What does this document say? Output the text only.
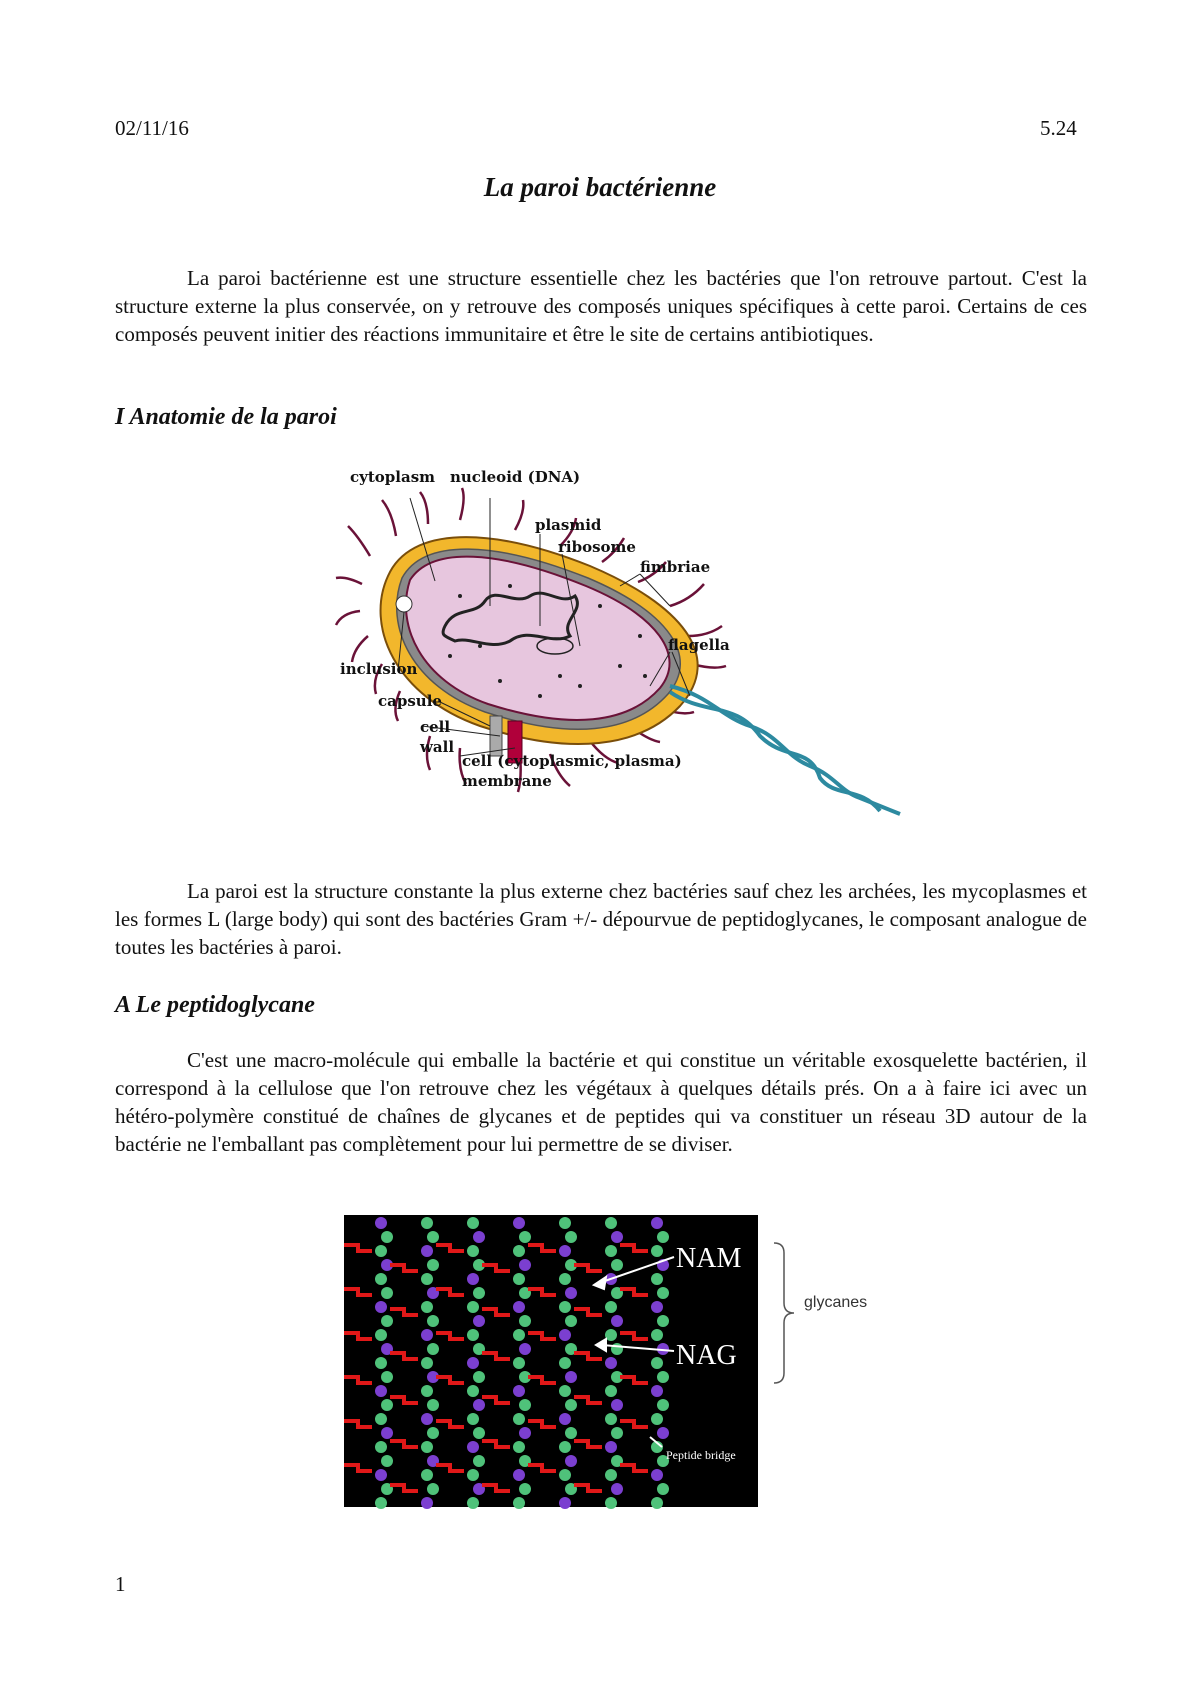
02/11/16	5.24
La paroi bactérienne

La paroi bactérienne est une structure essentielle chez les bactéries que l'on retrouve partout. C'est la structure externe la plus conservée, on y retrouve des composés uniques spécifiques à cette paroi. Certains de ces composés peuvent initier des réactions immunitaire et être le site de certains antibiotiques.

I Anatomie de la paroi
cytoplasm nucleoid (DNA)
plasmid
ribosome
fimbriae
flagella
inclusion
capsule
cell
wall
cell (cytoplasmic, plasma)
membrane

La paroi est la structure constante la plus externe chez bactéries sauf chez les archées, les mycoplasmes et les formes L (large body) qui sont des bactéries Gram +/- dépourvue de peptidoglycanes, le composant analogue de toutes les bactéries à paroi.

A Le peptidoglycane

C'est une macro-molécule qui emballe la bactérie et qui constitue un véritable exosquelette bactérien, il correspond à la cellulose que l'on retrouve chez les végétaux à quelques détails prés. On a à faire ici avec un hétéro-polymère constitué de chaînes de glycanes et de peptides qui va constituer un réseau 3D autour de la bactérie ne l'emballant pas complètement pour lui permettre de se diviser.

NAM
NAG
Peptide bridge
glycanes
1
